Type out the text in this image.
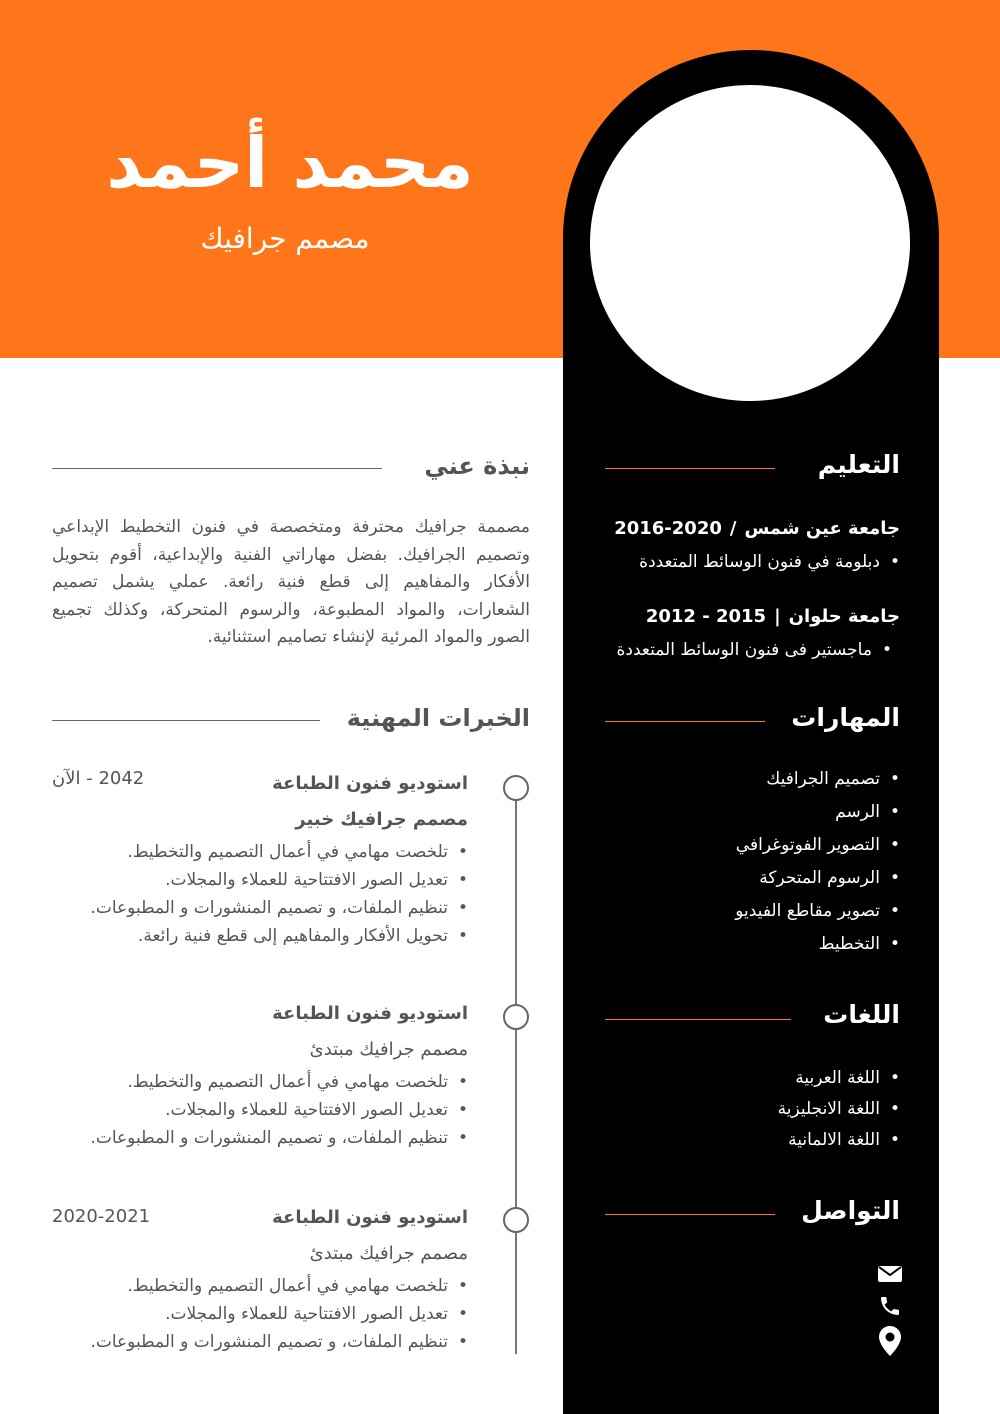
محمد أحمد
مصمم جرافيك
التعليم
جامعة عين شمس/2016-2020
•دبلومة في فنون الوسائط المتعددة
جامعة حلوان|2012 - 2015
•ماجستير فى فنون الوسائط المتعددة
المهارات
•تصميم الجرافيك
•الرسم
•التصوير الفوتوغرافي
•الرسوم المتحركة
•تصوير مقاطع الفيديو
•التخطيط
اللغات
•اللغة العربية
•اللغة الانجليزية
•اللغة الالمانية
التواصل
نبذة عني
مصممة جرافيك محترفة ومتخصصة في فنون التخطيط الإبداعي وتصميم الجرافيك. بفضل مهاراتي الفنية والإبداعية، أقوم بتحويل الأفكار والمفاهيم إلى قطع فنية رائعة. عملي يشمل تصميم الشعارات، والمواد المطبوعة، والرسوم المتحركة، وكذلك تجميع الصور والمواد المرئية لإنشاء تصاميم استثنائية.
الخبرات المهنية
2042 - الآن	استوديو فنون الطباعة
مصمم جرافيك خبير
•تلخصت مهامي في أعمال التصميم والتخطيط.
•تعديل الصور الافتتاحية للعملاء والمجلات.
•تنظيم الملفات، و تصميم المنشورات و المطبوعات.
•تحويل الأفكار والمفاهيم إلى قطع فنية رائعة.
استوديو فنون الطباعة
مصمم جرافيك مبتدئ
•تلخصت مهامي في أعمال التصميم والتخطيط.
•تعديل الصور الافتتاحية للعملاء والمجلات.
•تنظيم الملفات، و تصميم المنشورات و المطبوعات.
2020-2021	استوديو فنون الطباعة
مصمم جرافيك مبتدئ
•تلخصت مهامي في أعمال التصميم والتخطيط.
•تعديل الصور الافتتاحية للعملاء والمجلات.
•تنظيم الملفات، و تصميم المنشورات و المطبوعات.
